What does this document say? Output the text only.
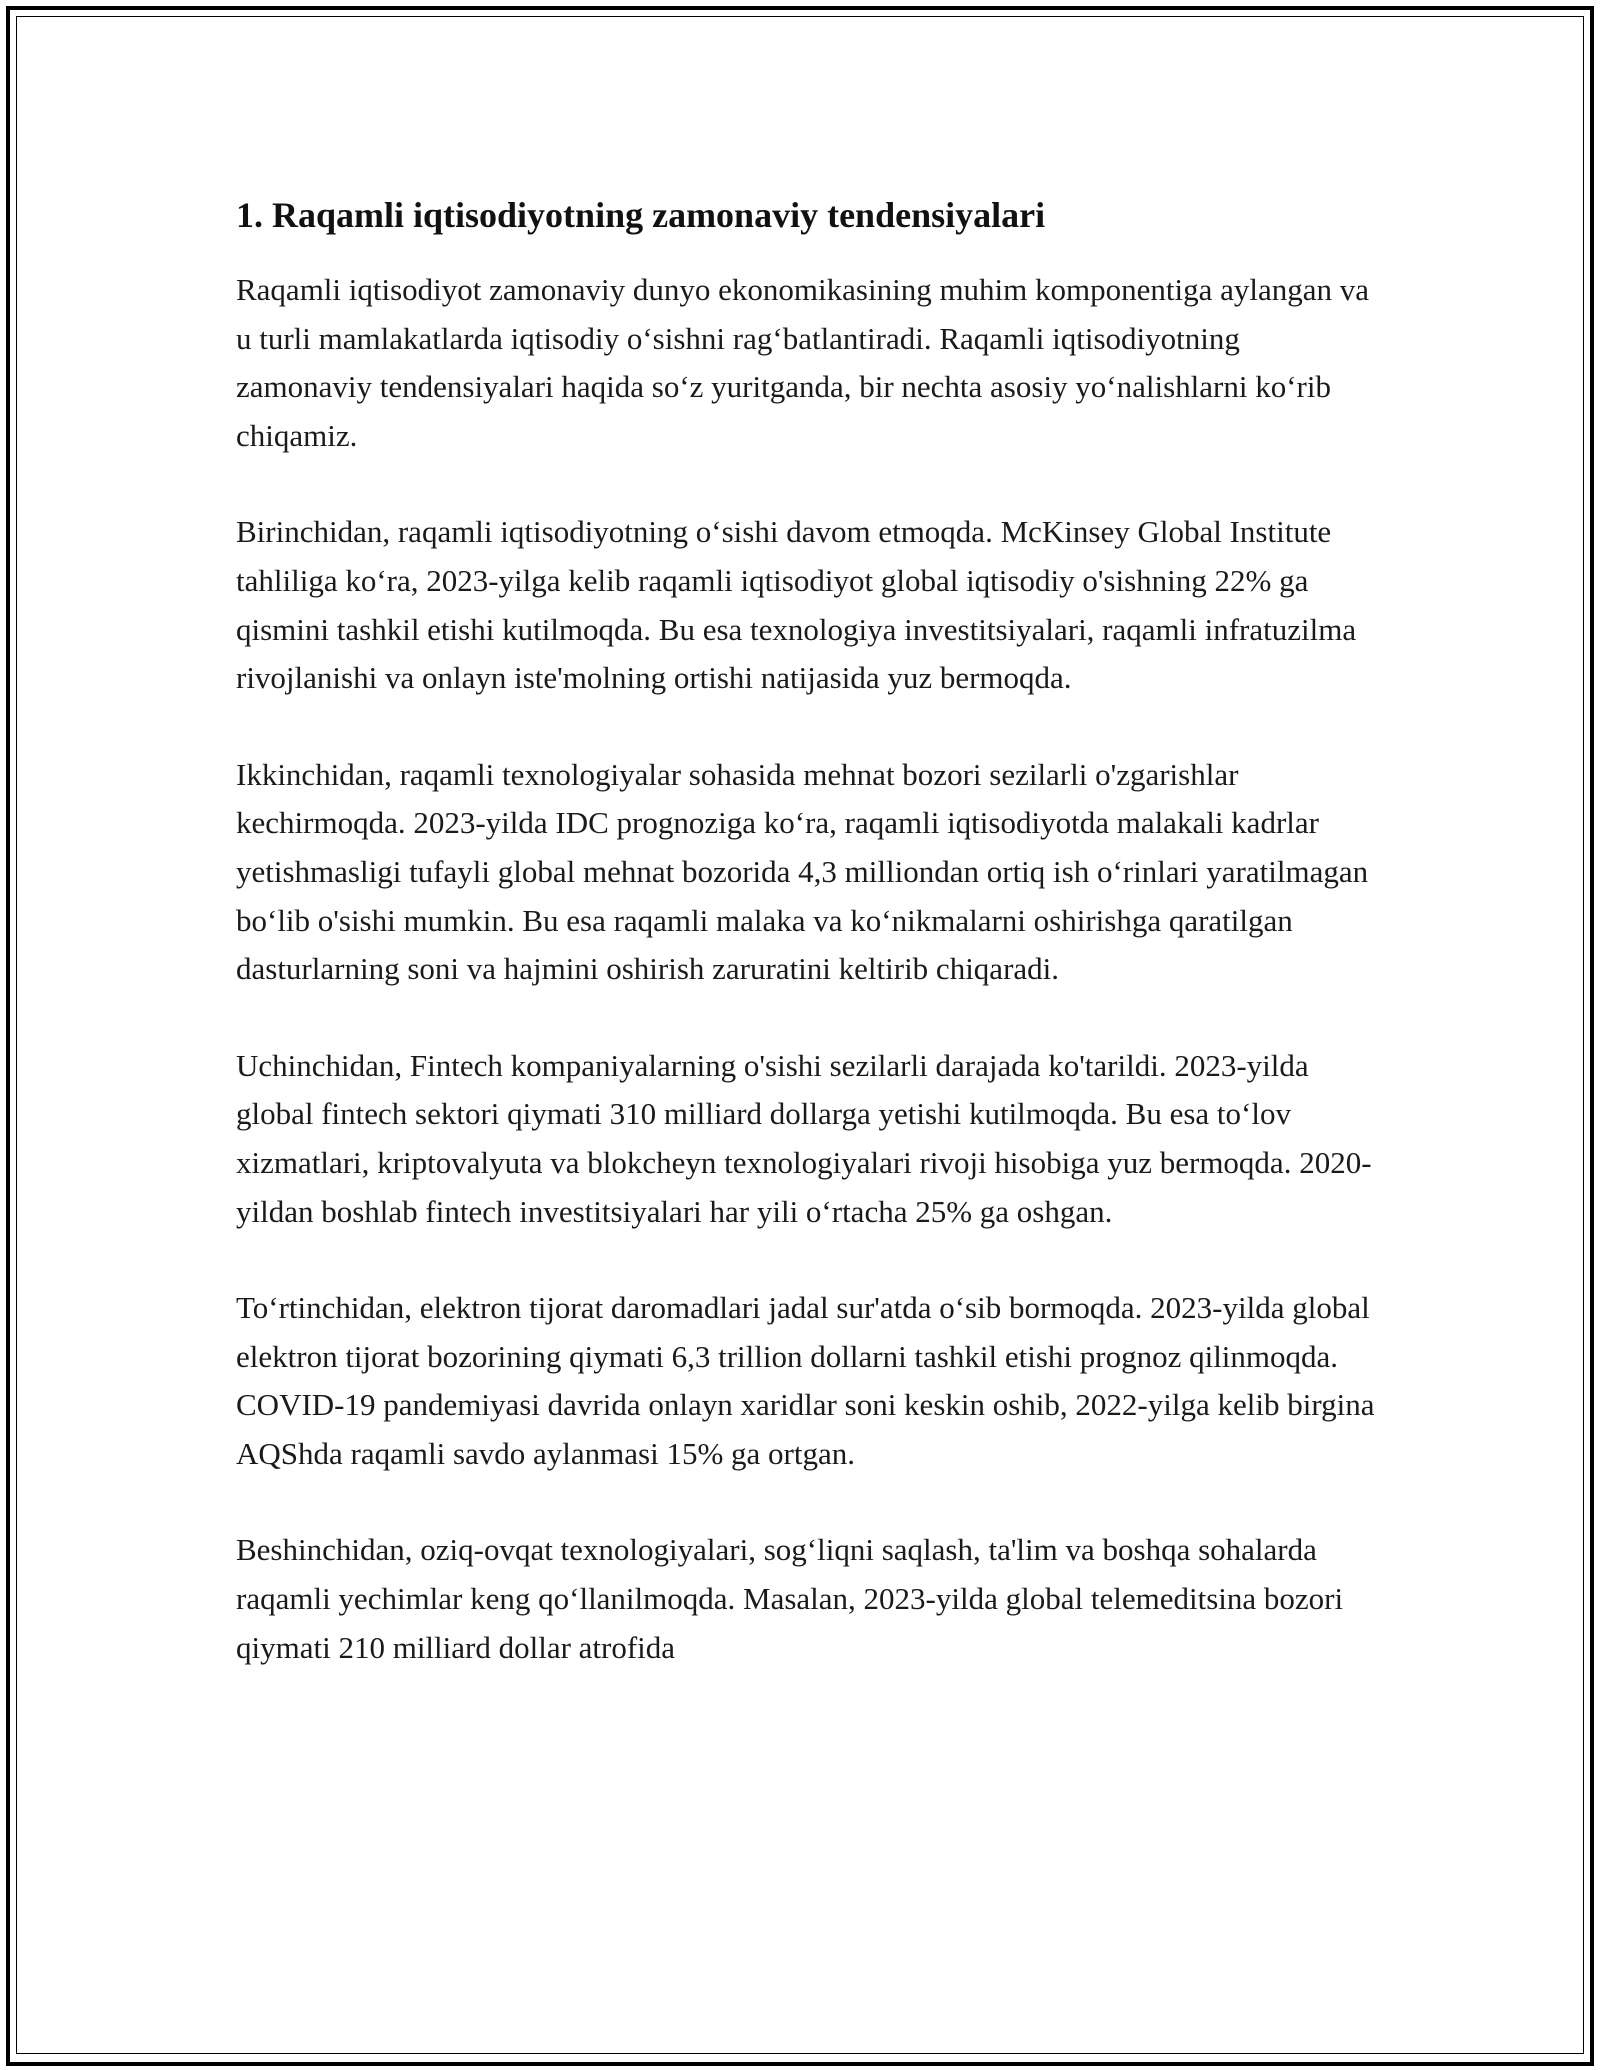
1. Raqamli iqtisodiyotning zamonaviy tendensiyalari

Raqamli iqtisodiyot zamonaviy dunyo ekonomikasining muhim komponentiga aylangan va u turli mamlakatlarda iqtisodiy o‘sishni rag‘batlantiradi. Raqamli iqtisodiyotning zamonaviy tendensiyalari haqida so‘z yuritganda, bir nechta asosiy yo‘nalishlarni ko‘rib chiqamiz.

Birinchidan, raqamli iqtisodiyotning o‘sishi davom etmoqda. McKinsey Global Institute tahliliga ko‘ra, 2023-yilga kelib raqamli iqtisodiyot global iqtisodiy o'sishning 22% ga qismini tashkil etishi kutilmoqda. Bu esa texnologiya investitsiyalari, raqamli infratuzilma rivojlanishi va onlayn iste'molning ortishi natijasida yuz bermoqda.

Ikkinchidan, raqamli texnologiyalar sohasida mehnat bozori sezilarli o'zgarishlar kechirmoqda. 2023-yilda IDC prognoziga ko‘ra, raqamli iqtisodiyotda malakali kadrlar yetishmasligi tufayli global mehnat bozorida 4,3 milliondan ortiq ish o‘rinlari yaratilmagan bo‘lib o'sishi mumkin. Bu esa raqamli malaka va ko‘nikmalarni oshirishga qaratilgan dasturlarning soni va hajmini oshirish zaruratini keltirib chiqaradi.

Uchinchidan, Fintech kompaniyalarning o'sishi sezilarli darajada ko'tarildi. 2023-yilda global fintech sektori qiymati 310 milliard dollarga yetishi kutilmoqda. Bu esa to‘lov xizmatlari, kriptovalyuta va blokcheyn texnologiyalari rivoji hisobiga yuz bermoqda. 2020-yildan boshlab fintech investitsiyalari har yili o‘rtacha 25% ga oshgan.

To‘rtinchidan, elektron tijorat daromadlari jadal sur'atda o‘sib bormoqda. 2023-yilda global elektron tijorat bozorining qiymati 6,3 trillion dollarni tashkil etishi prognoz qilinmoqda. COVID-19 pandemiyasi davrida onlayn xaridlar soni keskin oshib, 2022-yilga kelib birgina AQShda raqamli savdo aylanmasi 15% ga ortgan.

Beshinchidan, oziq-ovqat texnologiyalari, sog‘liqni saqlash, ta'lim va boshqa sohalarda raqamli yechimlar keng qo‘llanilmoqda. Masalan, 2023-yilda global telemeditsina bozori qiymati 210 milliard dollar atrofida
